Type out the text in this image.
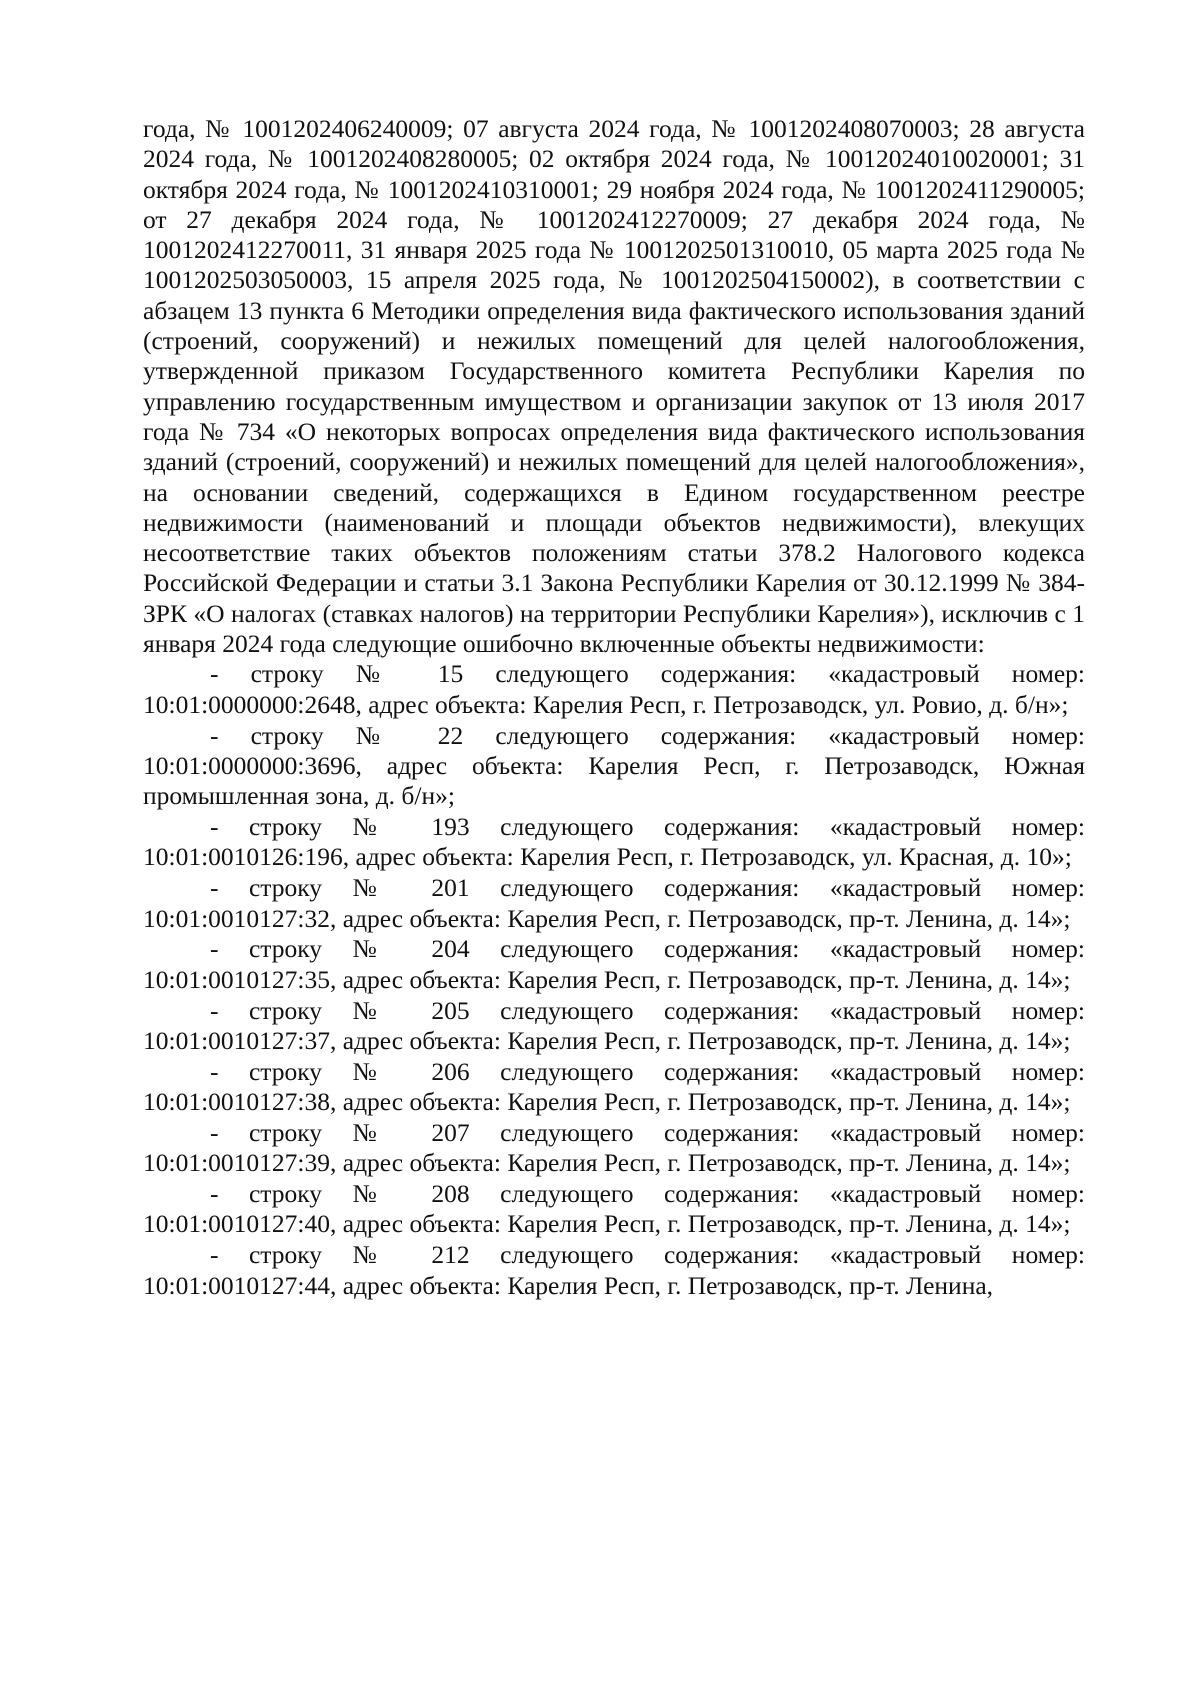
года, № 1001202406240009; 07 августа 2024 года, № 1001202408070003; 28 августа 2024 года, № 1001202408280005; 02 октября 2024 года, № 10012024010020001; 31 октября 2024 года, № 1001202410310001; 29 ноября 2024 года, № 1001202411290005; от 27 декабря 2024 года, № 1001202412270009; 27 декабря 2024 года, № 1001202412270011, 31 января 2025 года № 1001202501310010, 05 марта 2025 года № 1001202503050003, 15 апреля 2025 года, № 1001202504150002), в соответствии с абзацем 13 пункта 6 Методики определения вида фактического использования зданий (строений, сооружений) и нежилых помещений для целей налогообложения, утвержденной приказом Государственного комитета Республики Карелия по управлению государственным имуществом и организации закупок от 13 июля 2017 года № 734 «О некоторых вопросах определения вида фактического использования зданий (строений, сооружений) и нежилых помещений для целей налогообложения», на основании сведений, содержащихся в Едином государственном реестре недвижимости (наименований и площади объектов недвижимости), влекущих несоответствие таких объектов положениям статьи 378.2 Налогового кодекса Российской Федерации и статьи 3.1 Закона Республики Карелия от 30.12.1999 № 384-ЗРК «О налогах (ставках налогов) на территории Республики Карелия»), исключив с 1 января 2024 года следующие ошибочно включенные объекты недвижимости:

- строку № 15 следующего содержания: «кадастровый номер: 10:01:0000000:2648, адрес объекта: Карелия Респ, г. Петрозаводск, ул. Ровио, д. б/н»;

- строку № 22 следующего содержания: «кадастровый номер: 10:01:0000000:3696, адрес объекта: Карелия Респ, г. Петрозаводск, Южная промышленная зона, д. б/н»;

- строку № 193 следующего содержания: «кадастровый номер: 10:01:0010126:196, адрес объекта: Карелия Респ, г. Петрозаводск, ул. Красная, д. 10»;

- строку № 201 следующего содержания: «кадастровый номер: 10:01:0010127:32, адрес объекта: Карелия Респ, г. Петрозаводск, пр-т. Ленина, д. 14»;

- строку № 204 следующего содержания: «кадастровый номер: 10:01:0010127:35, адрес объекта: Карелия Респ, г. Петрозаводск, пр-т. Ленина, д. 14»;

- строку № 205 следующего содержания: «кадастровый номер: 10:01:0010127:37, адрес объекта: Карелия Респ, г. Петрозаводск, пр-т. Ленина, д. 14»;

- строку № 206 следующего содержания: «кадастровый номер: 10:01:0010127:38, адрес объекта: Карелия Респ, г. Петрозаводск, пр-т. Ленина, д. 14»;

- строку № 207 следующего содержания: «кадастровый номер: 10:01:0010127:39, адрес объекта: Карелия Респ, г. Петрозаводск, пр-т. Ленина, д. 14»;

- строку № 208 следующего содержания: «кадастровый номер: 10:01:0010127:40, адрес объекта: Карелия Респ, г. Петрозаводск, пр-т. Ленина, д. 14»;

- строку № 212 следующего содержания: «кадастровый номер: 10:01:0010127:44, адрес объекта: Карелия Респ, г. Петрозаводск, пр-т. Ленина,
